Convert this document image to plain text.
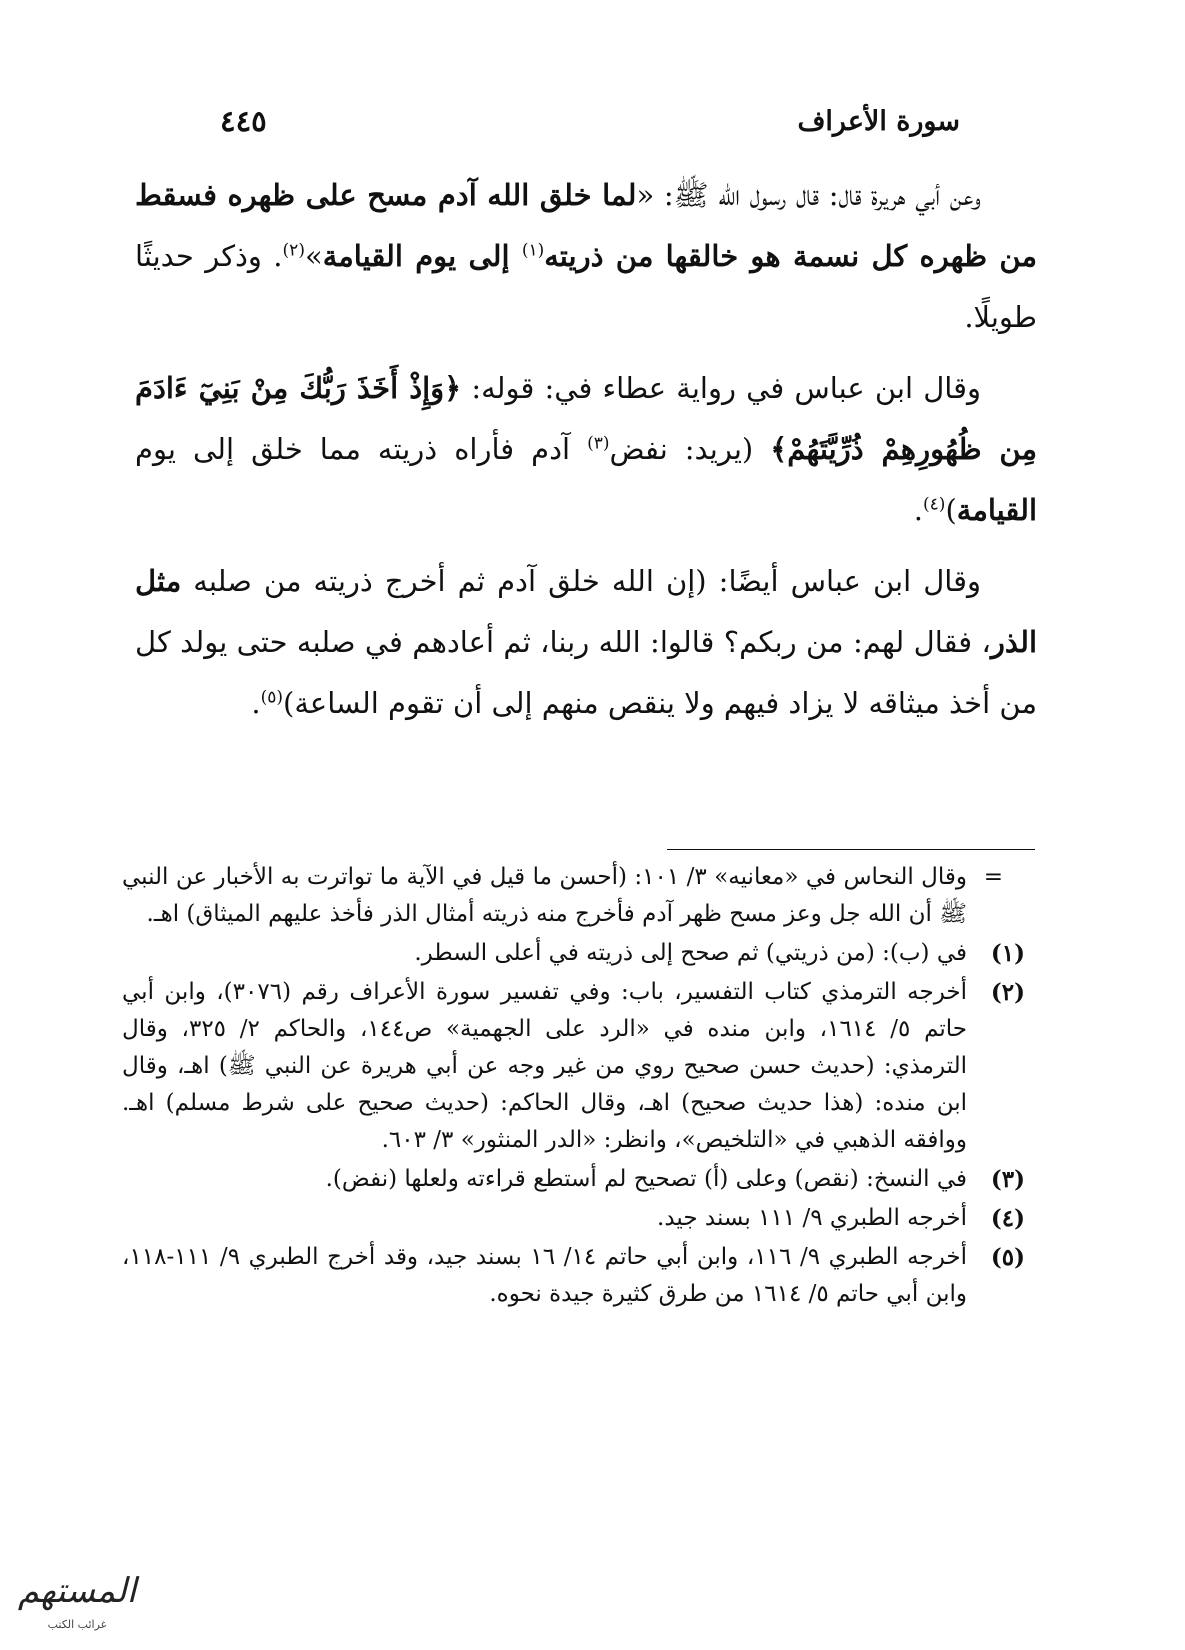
سورة الأعراف
٤٤٥

وعن أبي هريرة قال: قال رسول الله ﷺ: «لما خلق الله آدم مسح على ظهره فسقط من ظهره كل نسمة هو خالقها من ذريته$^{(١)}$ إلى يوم القيامة»$^{(٢)}$. وذكر حديثًا طويلًا.

وقال ابن عباس في رواية عطاء في: قوله: ﴿وَإِذْ أَخَذَ رَبُّكَ مِنْ بَنِيٓ ءَادَمَ مِن ظُهُورِهِمْ ذُرِّيَّتَهُمْ﴾ (يريد: نفض$^{(٣)}$ آدم فأراه ذريته مما خلق إلى يوم القيامة)$^{(٤)}$.

وقال ابن عباس أيضًا: (إن الله خلق آدم ثم أخرج ذريته من صلبه مثل الذر، فقال لهم: من ربكم؟ قالوا: الله ربنا، ثم أعادهم في صلبه حتى يولد كل من أخذ ميثاقه لا يزاد فيهم ولا ينقص منهم إلى أن تقوم الساعة)$^{(٥)}$.

=
وقال النحاس في «معانيه» ٣/ ١٠١: (أحسن ما قيل في الآية ما تواترت به الأخبار عن النبي ﷺ أن الله جل وعز مسح ظهر آدم فأخرج منه ذريته أمثال الذر فأخذ عليهم الميثاق) اهـ.
(١)
في (ب): (من ذريتي) ثم صحح إلى ذريته في أعلى السطر.
(٢)
أخرجه الترمذي كتاب التفسير، باب: وفي تفسير سورة الأعراف رقم (٣٠٧٦)، وابن أبي حاتم ٥/ ١٦١٤، وابن منده في «الرد على الجهمية» ص١٤٤، والحاكم ٢/ ٣٢٥، وقال الترمذي: (حديث حسن صحيح روي من غير وجه عن أبي هريرة عن النبي ﷺ) اهـ، وقال ابن منده: (هذا حديث صحيح) اهـ، وقال الحاكم: (حديث صحيح على شرط مسلم) اهـ. ووافقه الذهبي في «التلخيص»، وانظر: «الدر المنثور» ٣/ ٦٠٣.
(٣)
في النسخ: (نقص) وعلى (أ) تصحيح لم أستطع قراءته ولعلها (نفض).
(٤)
أخرجه الطبري ٩/ ١١١ بسند جيد.
(٥)
أخرجه الطبري ٩/ ١١٦، وابن أبي حاتم ١٤/ ١٦ بسند جيد، وقد أخرج الطبري ٩/ ١١١-١١٨، وابن أبي حاتم ٥/ ١٦١٤ من طرق كثيرة جيدة نحوه.
المستهم
غرائب الكتب
